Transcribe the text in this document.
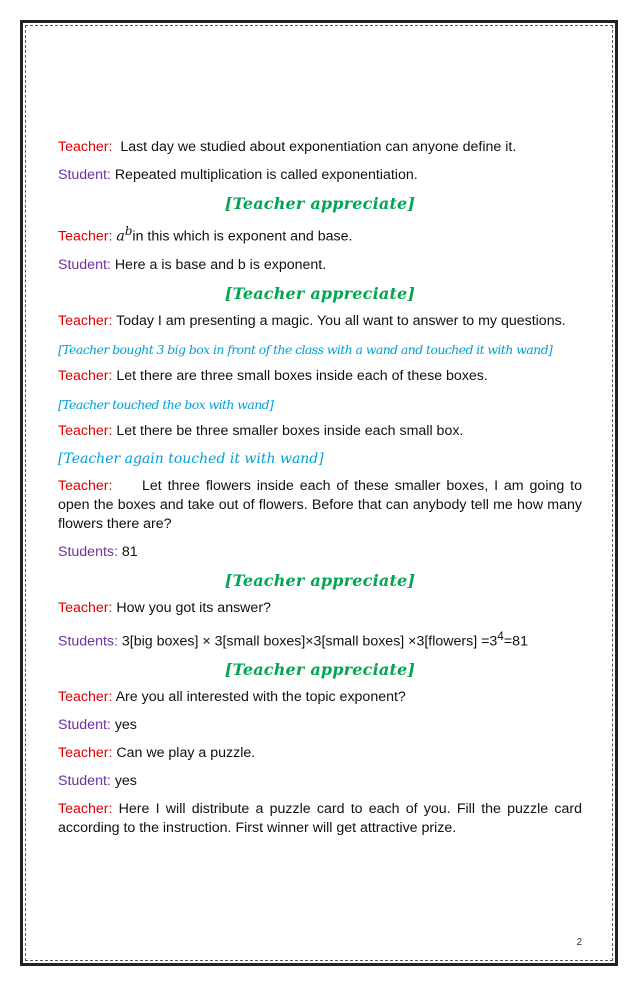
Teacher: Last day we studied about exponentiation can anyone define it.

Student: Repeated multiplication is called exponentiation.

[Teacher appreciate]

Teacher: $a^bin$ this which is exponent and base.

Student: Here a is base and b is exponent.

[Teacher appreciate]

Teacher: Today I am presenting a magic. You all want to answer to my questions.

[Teacher bought 3 big box in front of the class with a wand and touched it with wand]

Teacher: Let there are three small boxes inside each of these boxes.

[Teacher touched the box with wand]

Teacher: Let there be three smaller boxes inside each small box.

[Teacher again touched it with wand]

Teacher: Let three flowers inside each of these smaller boxes, I am going to open the boxes and take out of flowers. Before that can anybody tell me how many flowers there are?

Students: 81

[Teacher appreciate]

Teacher: How you got its answer?

Students: 3[big boxes] × 3[small boxes]×3[small boxes] ×3[flowers] $=3^4=81$

[Teacher appreciate]

Teacher: Are you all interested with the topic exponent?

Student: yes

Teacher: Can we play a puzzle.

Student: yes

Teacher: Here I will distribute a puzzle card to each of you. Fill the puzzle card according to the instruction. First winner will get attractive prize.

2
